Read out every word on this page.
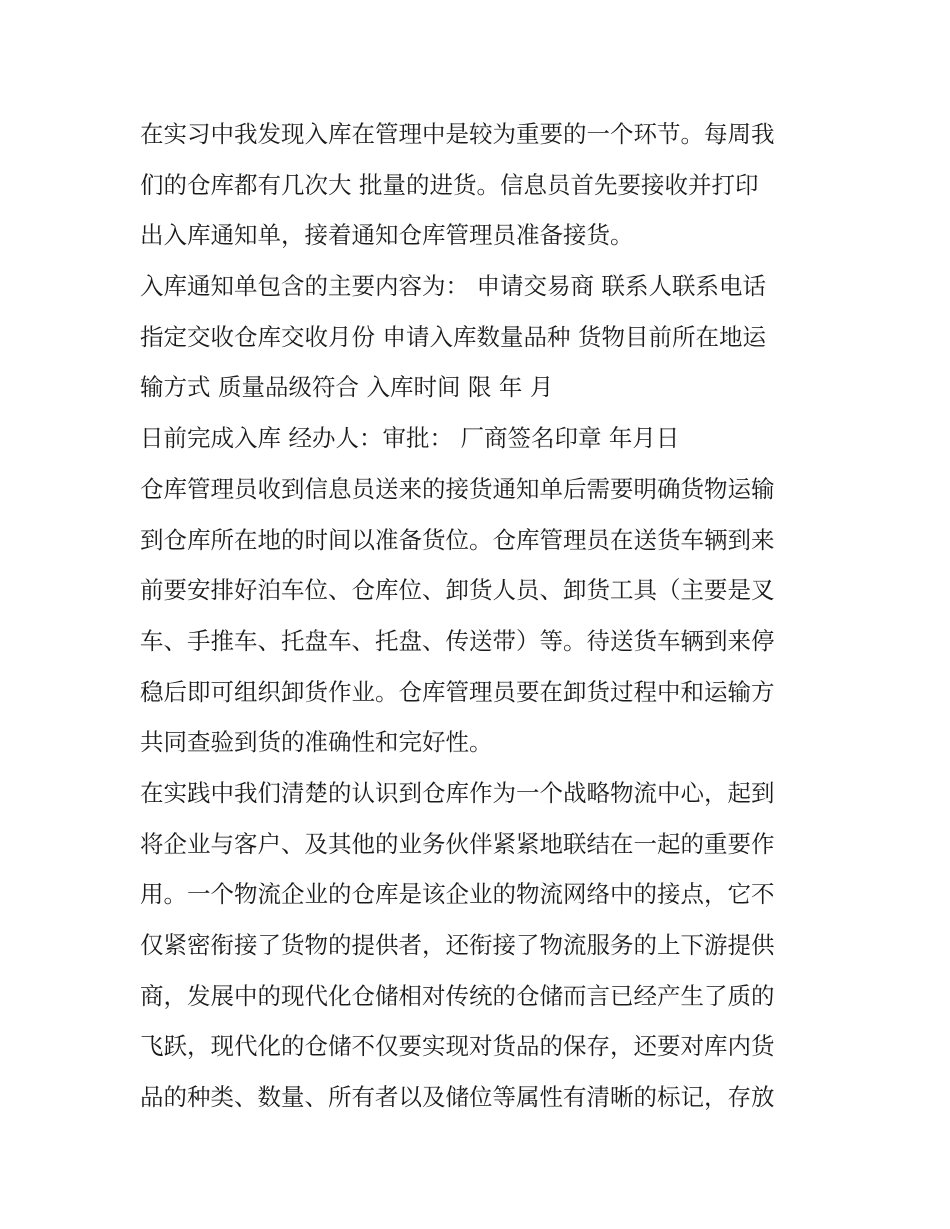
在实习中我发现入库在管理中是较为重要的一个环节。每周我
们的仓库都有几次大 批量的进货。信息员首先要接收并打印
出入库通知单，接着通知仓库管理员准备接货。
入库通知单包含的主要内容为： 申请交易商 联系人联系电话
指定交收仓库交收月份 申请入库数量品种 货物目前所在地运
输方式 质量品级符合 入库时间 限 年 月
日前完成入库 经办人：审批： 厂商签名印章 年月日
仓库管理员收到信息员送来的接货通知单后需要明确货物运输
到仓库所在地的时间以准备货位。仓库管理员在送货车辆到来
前要安排好泊车位、仓库位、卸货人员、卸货工具（主要是叉
车、手推车、托盘车、托盘、传送带）等。待送货车辆到来停
稳后即可组织卸货作业。仓库管理员要在卸货过程中和运输方
共同查验到货的准确性和完好性。
在实践中我们清楚的认识到仓库作为一个战略物流中心，起到
将企业与客户、及其他的业务伙伴紧紧地联结在一起的重要作
用。一个物流企业的仓库是该企业的物流网络中的接点，它不
仅紧密衔接了货物的提供者，还衔接了物流服务的上下游提供
商，发展中的现代化仓储相对传统的仓储而言已经产生了质的
飞跃，现代化的仓储不仅要实现对货品的保存，还要对库内货
品的种类、数量、所有者以及储位等属性有清晰的标记，存放
